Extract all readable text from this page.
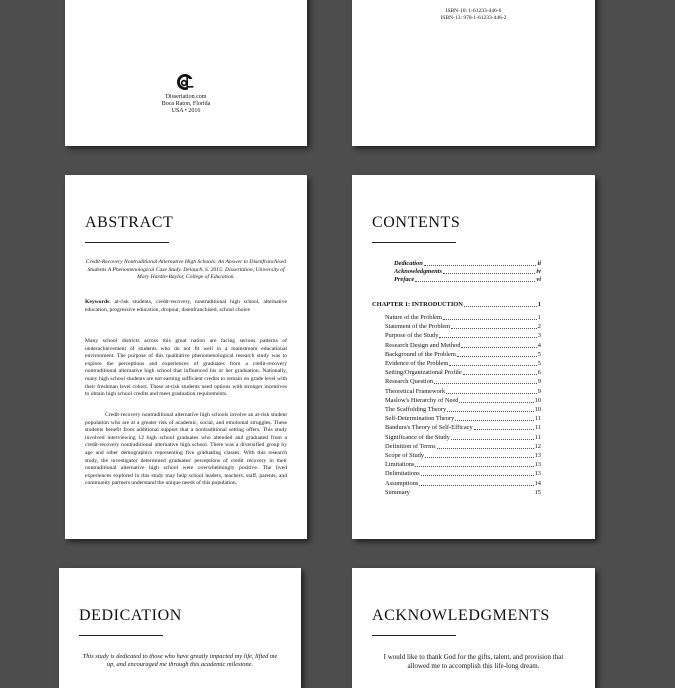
Dissertation.com
Boca Raton, Florida
USA • 2016
ISBN-10: 1-61233-446-6
ISBN-13: 978-1-61233-446-2
ABSTRACT
Credit-Recovery Nontraditional Alternative High Schools: An Answer to Disenfranchised Students A Phenomenological Case Study. Delouch, S. 2015: Dissertation, University of Mary Hardin-Baylor, College of Education.
Keywords: at-risk students, credit-recovery, nontraditional high school, alternative education, progressive education, dropout, disenfranchised, school choice
Many school districts across this great nation are facing serious patterns of underachievement of students who do not fit well in a mainstream educational environment. The purpose of this qualitative phenomenological research study was to explore the perceptions and experiences of graduates from a credit-recovery nontraditional alternative high school that influenced his or her graduation. Nationally, many high school students are not earning sufficient credits to remain on grade level with their freshman level cohort. These at-risk students need options with stronger incentives to obtain high school credits and meet graduation requirements.
Credit-recovery nontraditional alternative high schools involve an at-risk student population who are at a greater risk of academic, social, and emotional struggles. These students benefit from additional support that a nontraditional setting offers. This study involved interviewing 12 high school graduates who attended and graduated from a credit-recovery nontraditional alternative high school. There was a diversified group by age and other demographics representing five graduating classes. With this research study, the investigator determined graduates' perceptions of credit recovery in their nontraditional alternative high school were overwhelmingly positive. The lived experiences explored in this study may help school leaders, teachers, staff, parents, and community partners understand the unique needs of this population.
CONTENTS
Dedication	ii
Acknowledgments	iv
Preface	vi
CHAPTER 1: INTRODUCTION	1
Nature of the Problem	1
Statement of the Problem	2
Purpose of the Study	3
Research Design and Method	4
Background of the Problem	5
Evidence of the Problem	5
Setting/Organizational Profile	6
Research Question	9
Theoretical Framework	9
Maslow's Hierarchy of Need	10
The Scaffolding Theory	10
Self-Determination Theory	11
Bandura's Theory of Self-Efficacy	11
Significance of the Study	11
Definition of Terms	12
Scope of Study	13
Limitations	13
Delimitations	13
Assumptions	14
Summary	15
DEDICATION
This study is dedicated to those who have greatly impacted my life, lifted me up, and encouraged me through this academic milestone.
ACKNOWLEDGMENTS
I would like to thank God for the gifts, talent, and provision that allowed me to accomplish this life-long dream.
